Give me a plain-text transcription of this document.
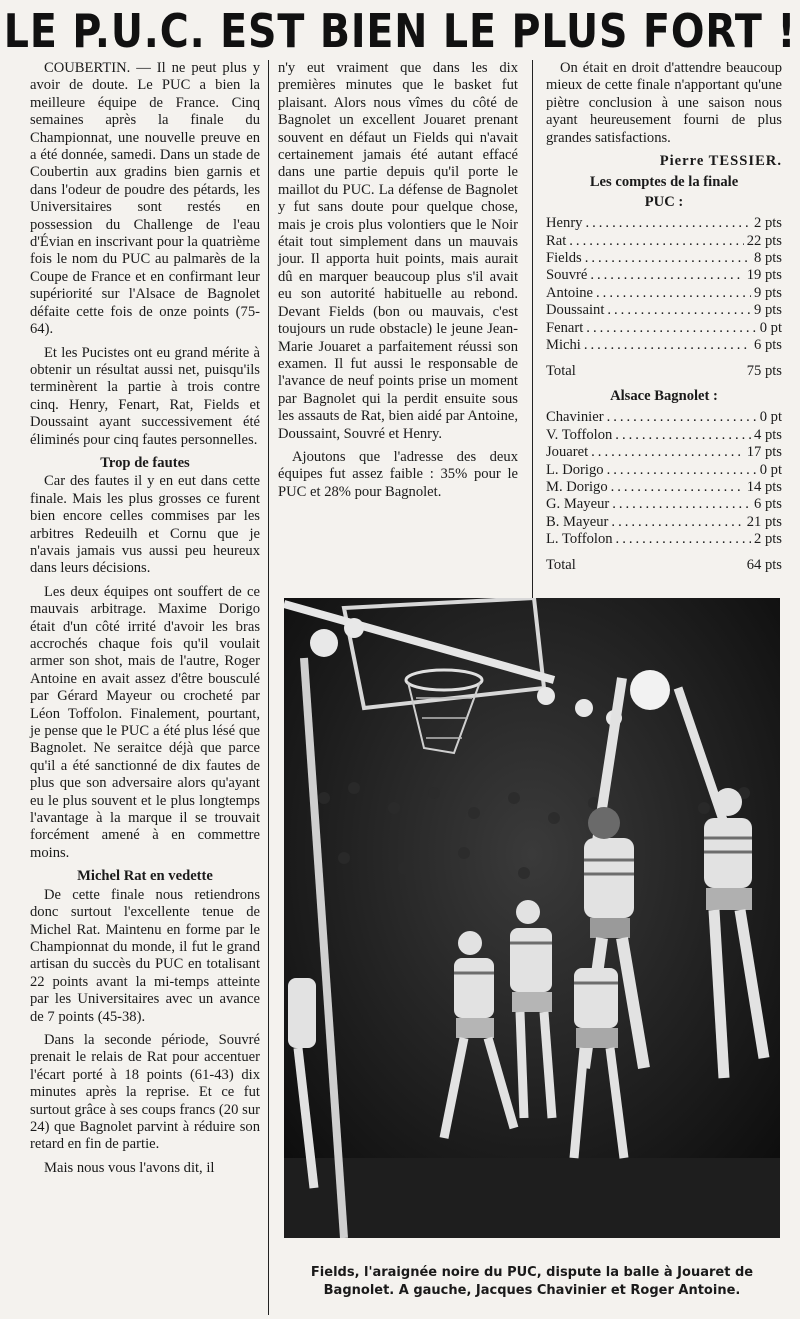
LE P.U.C. EST BIEN LE PLUS FORT !

COUBERTIN. — Il ne peut plus y avoir de doute. Le PUC a bien la meilleure équipe de France. Cinq semaines après la finale du Championnat, une nouvelle preuve en a été donnée, samedi. Dans un stade de Coubertin aux gradins bien garnis et dans l'odeur de poudre des pétards, les Universitaires sont restés en possession du Challenge de l'eau d'Évian en inscrivant pour la quatrième fois le nom du PUC au palmarès de la Coupe de France et en confirmant leur supériorité sur l'Alsace de Bagnolet défaite cette fois de onze points (75-64).

Et les Pucistes ont eu grand mérite à obtenir un résultat aussi net, puisqu'ils terminèrent la partie à trois contre cinq. Henry, Fenart, Rat, Fields et Doussaint ayant successivement été éliminés pour cinq fautes personnelles.

Trop de fautes

Car des fautes il y en eut dans cette finale. Mais les plus grosses ce furent bien encore celles commises par les arbitres Redeuilh et Cornu que je n'avais jamais vus aussi peu heureux dans leurs décisions.

Les deux équipes ont souffert de ce mauvais arbitrage. Maxime Dorigo était d'un côté irrité d'avoir les bras accrochés chaque fois qu'il voulait armer son shot, mais de l'autre, Roger Antoine en avait assez d'être bousculé par Gérard Mayeur ou crocheté par Léon Toffolon. Finalement, pourtant, je pense que le PUC a été plus lésé que Bagnolet. Ne seraitce déjà que parce qu'il a été sanctionné de dix fautes de plus que son adversaire alors qu'ayant eu le plus souvent et le plus longtemps l'avantage à la marque il se trouvait forcément amené à en commettre moins.

Michel Rat en vedette

De cette finale nous retiendrons donc surtout l'excellente tenue de Michel Rat. Maintenu en forme par le Championnat du monde, il fut le grand artisan du succès du PUC en totalisant 22 points avant la mi-temps atteinte par les Universitaires avec un avance de 7 points (45-38).

Dans la seconde période, Souvré prenait le relais de Rat pour accentuer l'écart porté à 18 points (61-43) dix minutes après la reprise. Et ce fut surtout grâce à ses coups francs (20 sur 24) que Bagnolet parvint à réduire son retard en fin de partie.

Mais nous vous l'avons dit, il

n'y eut vraiment que dans les dix premières minutes que le basket fut plaisant. Alors nous vîmes du côté de Bagnolet un excellent Jouaret prenant souvent en défaut un Fields qui n'avait certainement jamais été autant effacé dans une partie depuis qu'il porte le maillot du PUC. La défense de Bagnolet y fut sans doute pour quelque chose, mais je crois plus volontiers que le Noir était tout simplement dans un mauvais jour. Il apporta huit points, mais aurait dû en marquer beaucoup plus s'il avait eu son autorité habituelle au rebond. Devant Fields (bon ou mauvais, c'est toujours un rude obstacle) le jeune Jean-Marie Jouaret a parfaitement réussi son examen. Il fut aussi le responsable de l'avance de neuf points prise un moment par Bagnolet qui la perdit ensuite sous les assauts de Rat, bien aidé par Antoine, Doussaint, Souvré et Henry.

Ajoutons que l'adresse des deux équipes fut assez faible : 35% pour le PUC et 28% pour Bagnolet.

On était en droit d'attendre beaucoup mieux de cette finale n'apportant qu'une piètre conclusion à une saison nous ayant heureusement fourni de plus grandes satisfactions.

Pierre TESSIER.
Les comptes de la finale
PUC :
Henry .....	2 pts
Rat .....	22 pts
Fields .....	8 pts
Souvré .....	19 pts
Antoine .....	9 pts
Doussaint .....	9 pts
Fenart .....	0 pt
Michi .....	6 pts
Total	75 pts
Alsace Bagnolet :
Chavinier .....	0 pt
V. Toffolon .....	4 pts
Jouaret .....	17 pts
L. Dorigo .....	0 pt
M. Dorigo .....	14 pts
G. Mayeur .....	6 pts
B. Mayeur .....	21 pts
L. Toffolon .....	2 pts
Total	64 pts
Fields, l'araignée noire du PUC, dispute la balle à Jouaret de
Bagnolet. A gauche, Jacques Chavinier et Roger Antoine.
